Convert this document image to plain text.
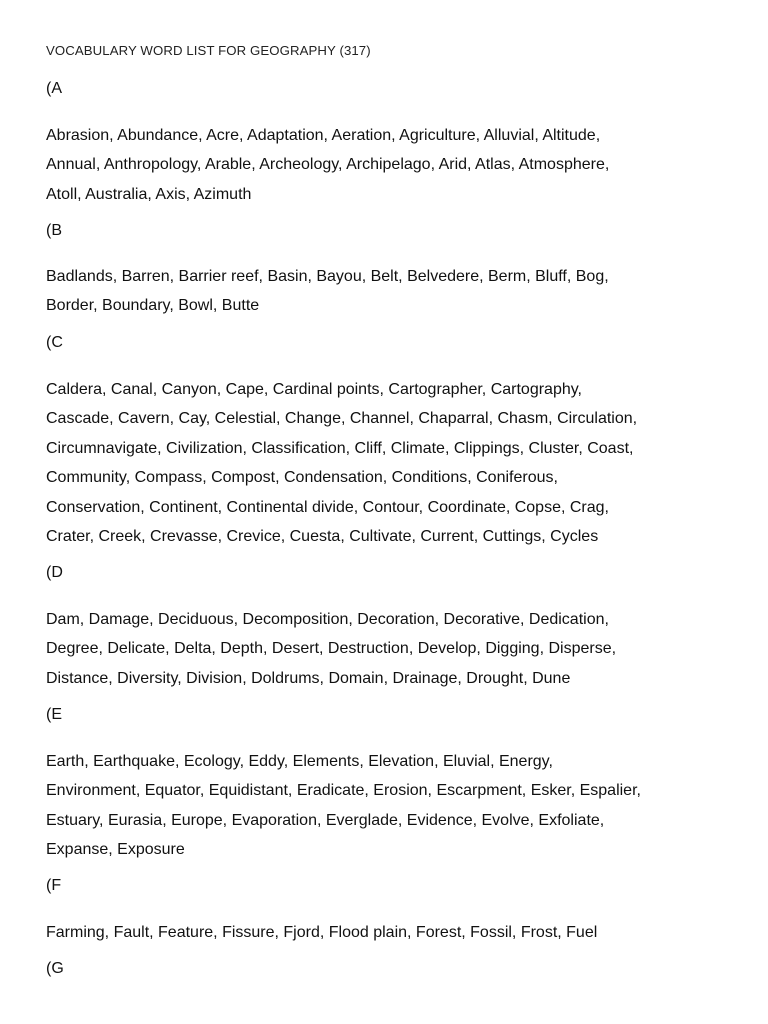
VOCABULARY WORD LIST FOR GEOGRAPHY (317)
(A
Abrasion, Abundance, Acre, Adaptation, Aeration, Agriculture, Alluvial, Altitude,
Annual, Anthropology, Arable, Archeology, Archipelago, Arid, Atlas, Atmosphere,
Atoll, Australia, Axis, Azimuth
(B
Badlands, Barren, Barrier reef, Basin, Bayou, Belt, Belvedere, Berm, Bluff, Bog,
Border, Boundary, Bowl, Butte
(C
Caldera, Canal, Canyon, Cape, Cardinal points, Cartographer, Cartography,
Cascade, Cavern, Cay, Celestial, Change, Channel, Chaparral, Chasm, Circulation,
Circumnavigate, Civilization, Classification, Cliff, Climate, Clippings, Cluster, Coast,
Community, Compass, Compost, Condensation, Conditions, Coniferous,
Conservation, Continent, Continental divide, Contour, Coordinate, Copse, Crag,
Crater, Creek, Crevasse, Crevice, Cuesta, Cultivate, Current, Cuttings, Cycles
(D
Dam, Damage, Deciduous, Decomposition, Decoration, Decorative, Dedication,
Degree, Delicate, Delta, Depth, Desert, Destruction, Develop, Digging, Disperse,
Distance, Diversity, Division, Doldrums, Domain, Drainage, Drought, Dune
(E
Earth, Earthquake, Ecology, Eddy, Elements, Elevation, Eluvial, Energy,
Environment, Equator, Equidistant, Eradicate, Erosion, Escarpment, Esker, Espalier,
Estuary, Eurasia, Europe, Evaporation, Everglade, Evidence, Evolve, Exfoliate,
Expanse, Exposure
(F
Farming, Fault, Feature, Fissure, Fjord, Flood plain, Forest, Fossil, Frost, Fuel
(G
